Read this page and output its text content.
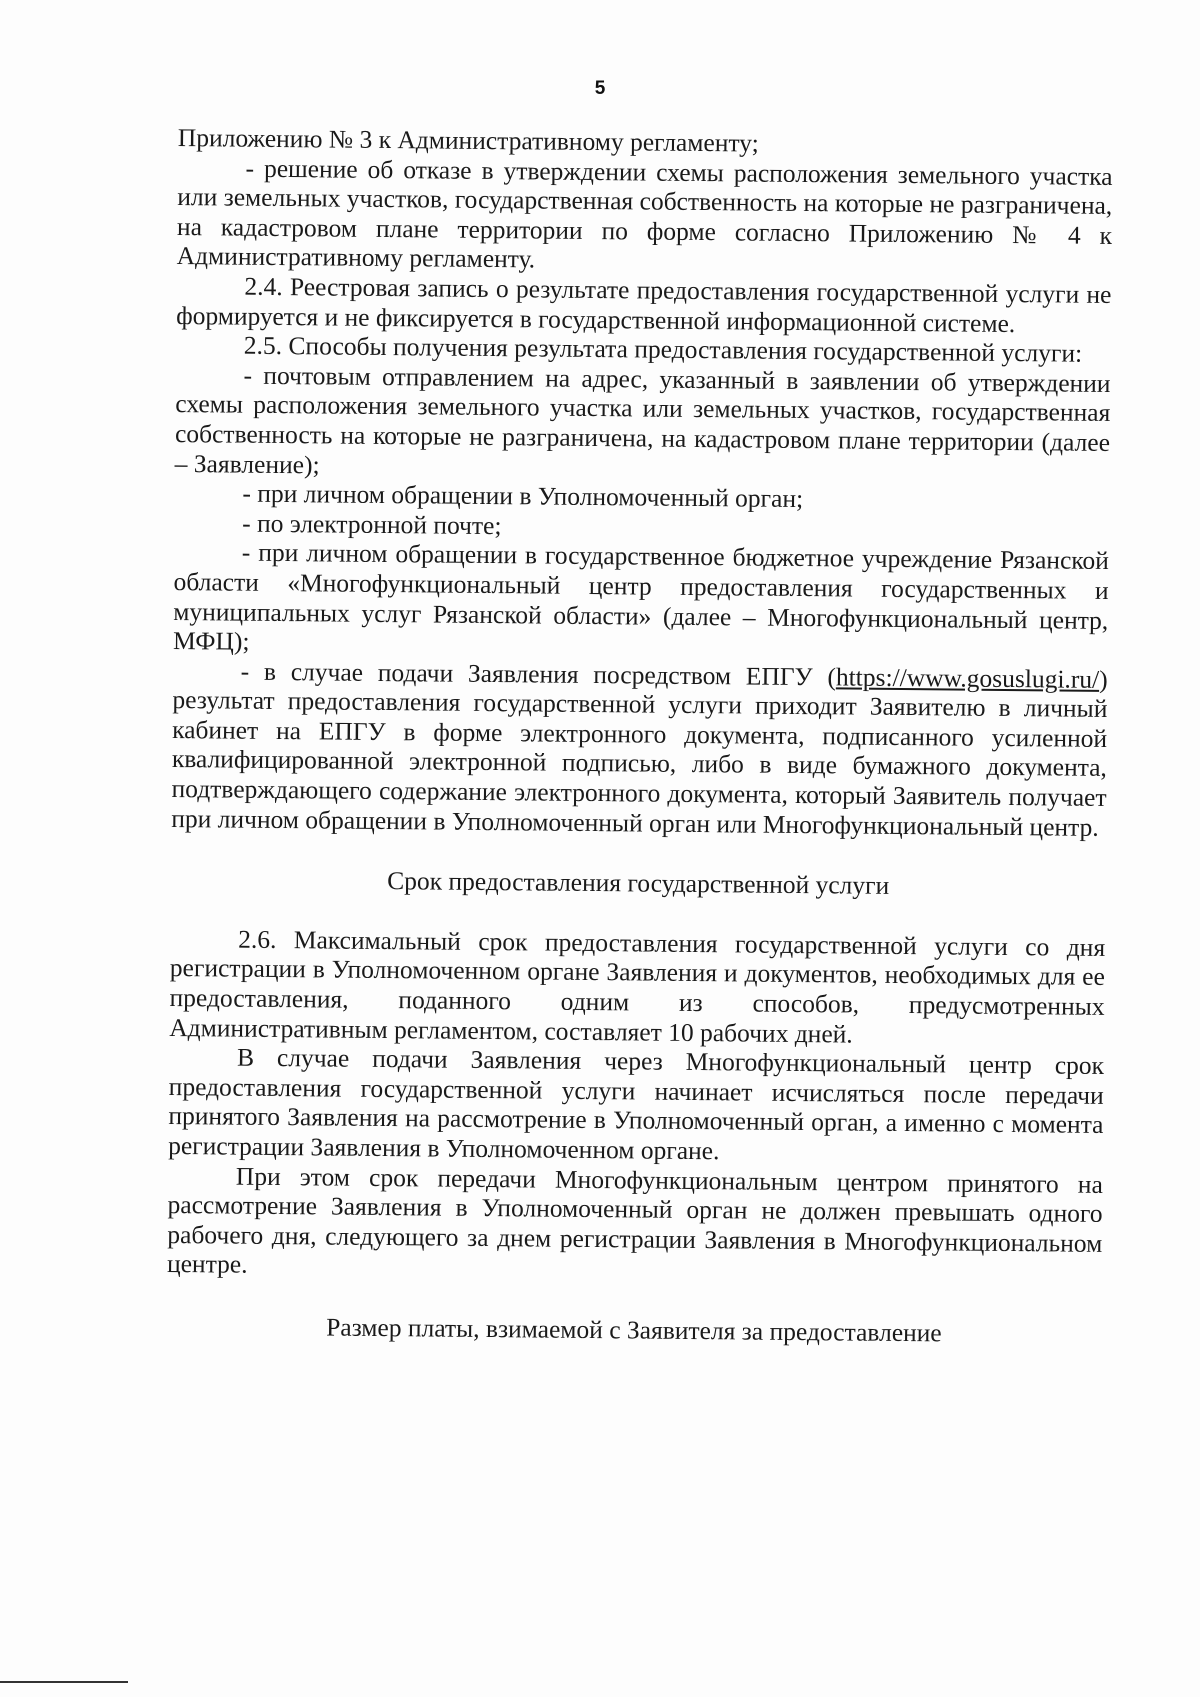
5

Приложению № 3 к Административному регламенту;

- решение об отказе в утверждении схемы расположения земельного участка или земельных участков, государственная собственность на которые не разграничена, на кадастровом плане территории по форме согласно Приложению № 4 к Административному регламенту.

2.4. Реестровая запись о результате предоставления государственной услуги не формируется и не фиксируется в государственной информационной системе.

2.5. Способы получения результата предоставления государственной услуги:

- почтовым отправлением на адрес, указанный в заявлении об утверждении схемы расположения земельного участка или земельных участков, государственная собственность на которые не разграничена, на кадастровом плане территории (далее – Заявление);

- при личном обращении в Уполномоченный орган;

- по электронной почте;

- при личном обращении в государственное бюджетное учреждение Рязанской области «Многофункциональный центр предоставления государственных и муниципальных услуг Рязанской области» (далее – Многофункциональный центр, МФЦ);

- в случае подачи Заявления посредством ЕПГУ (https://www.gosuslugi.ru/) результат предоставления государственной услуги приходит Заявителю в личный кабинет на ЕПГУ в форме электронного документа, подписанного усиленной квалифицированной электронной подписью, либо в виде бумажного документа, подтверждающего содержание электронного документа, который Заявитель получает при личном обращении в Уполномоченный орган или Многофункциональный центр.

Срок предоставления государственной услуги

2.6. Максимальный срок предоставления государственной услуги со дня регистрации в Уполномоченном органе Заявления и документов, необходимых для ее предоставления, поданного одним из способов, предусмотренных Административным регламентом, составляет 10 рабочих дней.

В случае подачи Заявления через Многофункциональный центр срок предоставления государственной услуги начинает исчисляться после передачи принятого Заявления на рассмотрение в Уполномоченный орган, а именно с момента регистрации Заявления в Уполномоченном органе.

При этом срок передачи Многофункциональным центром принятого на рассмотрение Заявления в Уполномоченный орган не должен превышать одного рабочего дня, следующего за днем регистрации Заявления в Многофункциональном центре.

Размер платы, взимаемой с Заявителя за предоставление
